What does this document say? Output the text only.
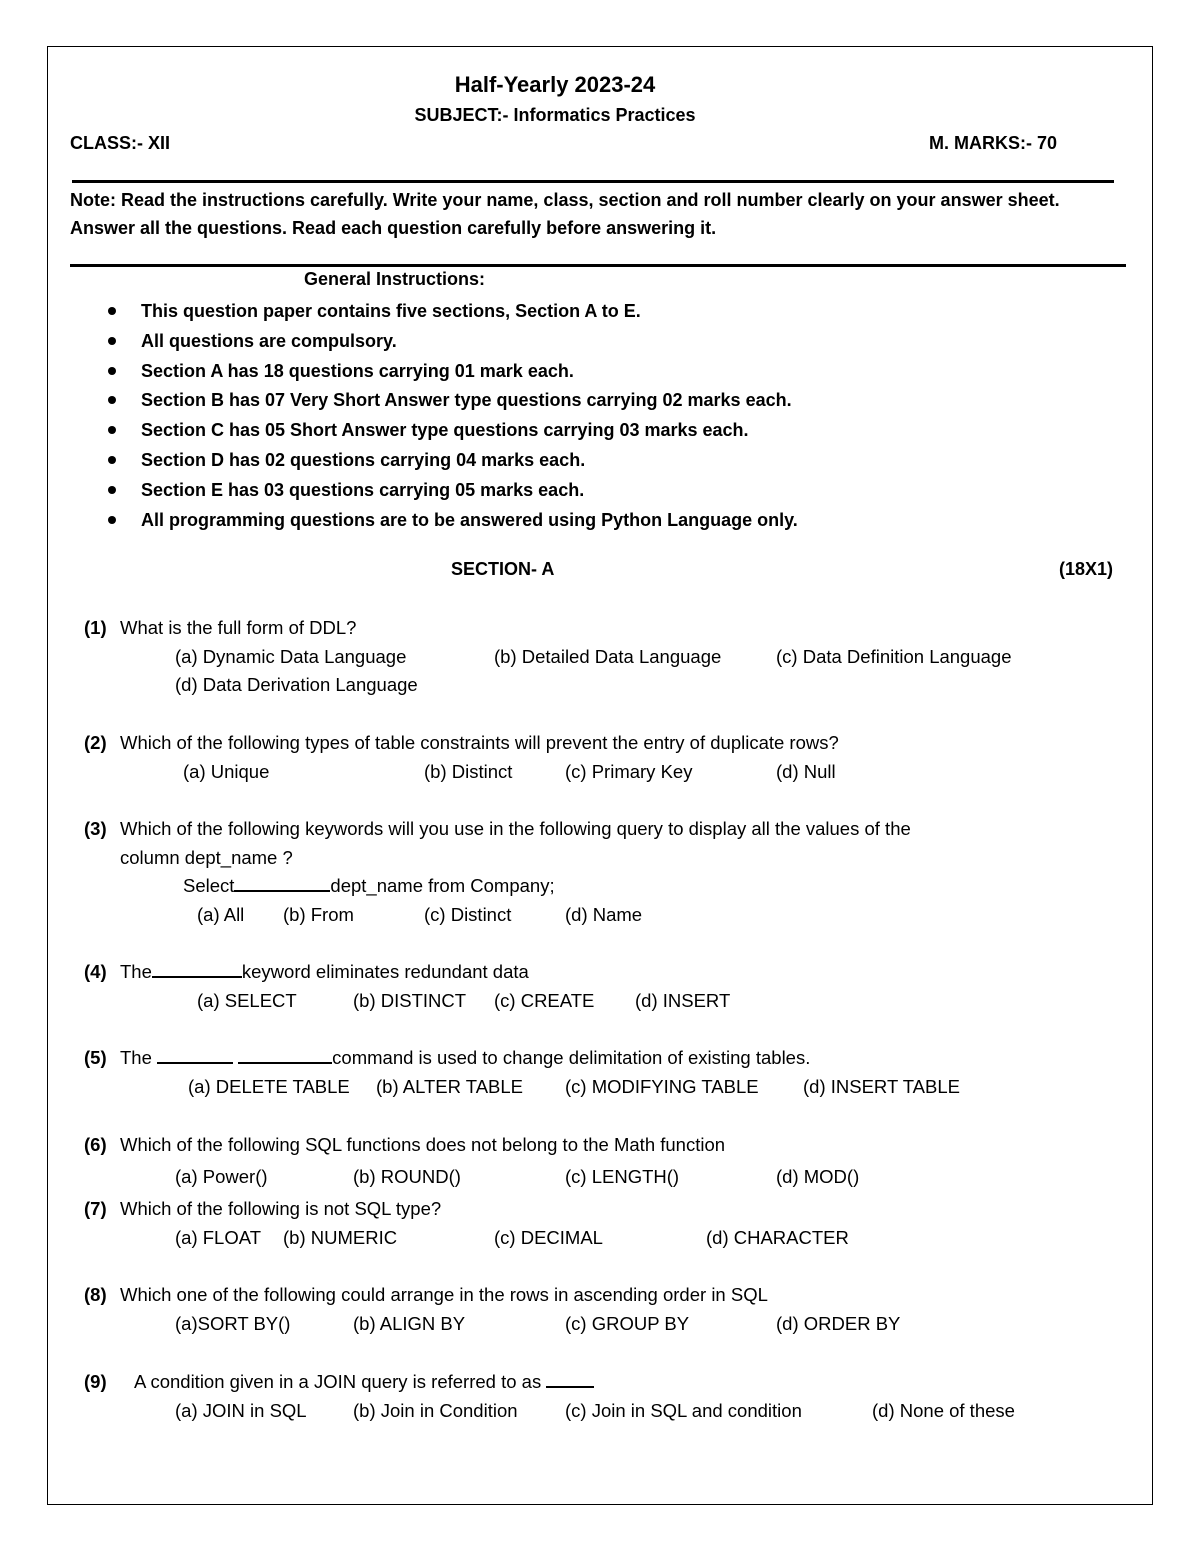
Half-Yearly 2023-24
SUBJECT:- Informatics Practices
CLASS:- XII	M. MARKS:- 70
Note: Read the instructions carefully. Write your name, class, section and roll number clearly on your answer sheet. Answer all the questions. Read each question carefully before answering it.
General Instructions:
This question paper contains five sections, Section A to E.
All questions are compulsory.
Section A has 18 questions carrying 01 mark each.
Section B has 07 Very Short Answer type questions carrying 02 marks each.
Section C has 05 Short Answer type questions carrying 03 marks each.
Section D has 02 questions carrying 04 marks each.
Section E has 03 questions carrying 05 marks each.
All programming questions are to be answered using Python Language only.
SECTION- A	(18X1)
(1) What is the full form of DDL?
(a) Dynamic Data Language	(b) Detailed Data Language	(c) Data Definition Language
(d) Data Derivation Language
(2) Which of the following types of table constraints will prevent the entry of duplicate rows?
(a) Unique	(b) Distinct	(c) Primary Key	(d) Null
(3) Which of the following keywords will you use in the following query to display all the values of the
column dept_name ?
Select	dept_name from Company;
(a) All (b) From	(c) Distinct	(d) Name
(4) The	keyword eliminates redundant data
(a) SELECT	(b) DISTINCT (c) CREATE (d) INSERT
(5) The	command is used to change delimitation of existing tables.
(a) DELETE TABLE (b) ALTER TABLE (c) MODIFYING TABLE (d) INSERT TABLE
(6) Which of the following SQL functions does not belong to the Math function
(a) Power()	(b) ROUND()	(c) LENGTH()	(d) MOD()
(7) Which of the following is not SQL type?
(a) FLOAT (b) NUMERIC	(c) DECIMAL	(d) CHARACTER
(8) Which one of the following could arrange in the rows in ascending order in SQL
(a)SORT BY()	(b) ALIGN BY	(c) GROUP BY	(d) ORDER BY
(9) A condition given in a JOIN query is referred to as
(a) JOIN in SQL	(b) Join in Condition	(c) Join in SQL and condition	(d) None of these
